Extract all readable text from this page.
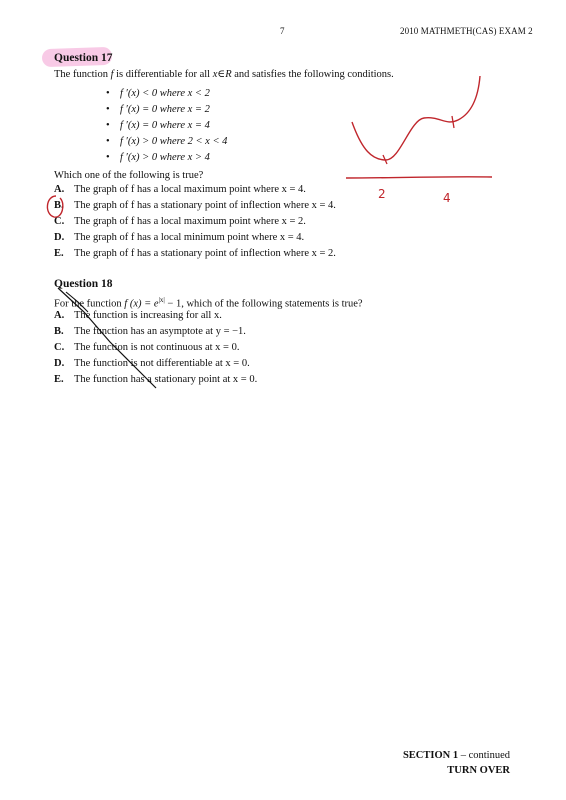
7	2010 MATHMETH(CAS) EXAM 2
Question 17
The function f is differentiable for all x∈R and satisfies the following conditions.
• f ′(x) < 0 where x < 2
• f ′(x) = 0 where x = 2
• f ′(x) = 0 where x = 4
• f ′(x) > 0 where 2 < x < 4
• f ′(x) > 0 where x > 4
Which one of the following is true?
A. The graph of f has a local maximum point where x = 4.
B. The graph of f has a stationary point of inflection where x = 4.
C. The graph of f has a local maximum point where x = 2.
D. The graph of f has a local minimum point where x = 4.
E. The graph of f has a stationary point of inflection where x = 2.
Question 18
For the function f $(x) = e^{|x|} - 1$, which of the following statements is true?
A. The function is increasing for all x.
B. The function has an asymptote at y = −1.
C. The function is not continuous at x = 0.
D. The function is not differentiable at x = 0.
E. The function has a stationary point at x = 0.
2	4
SECTION 1 – continued
TURN OVER
